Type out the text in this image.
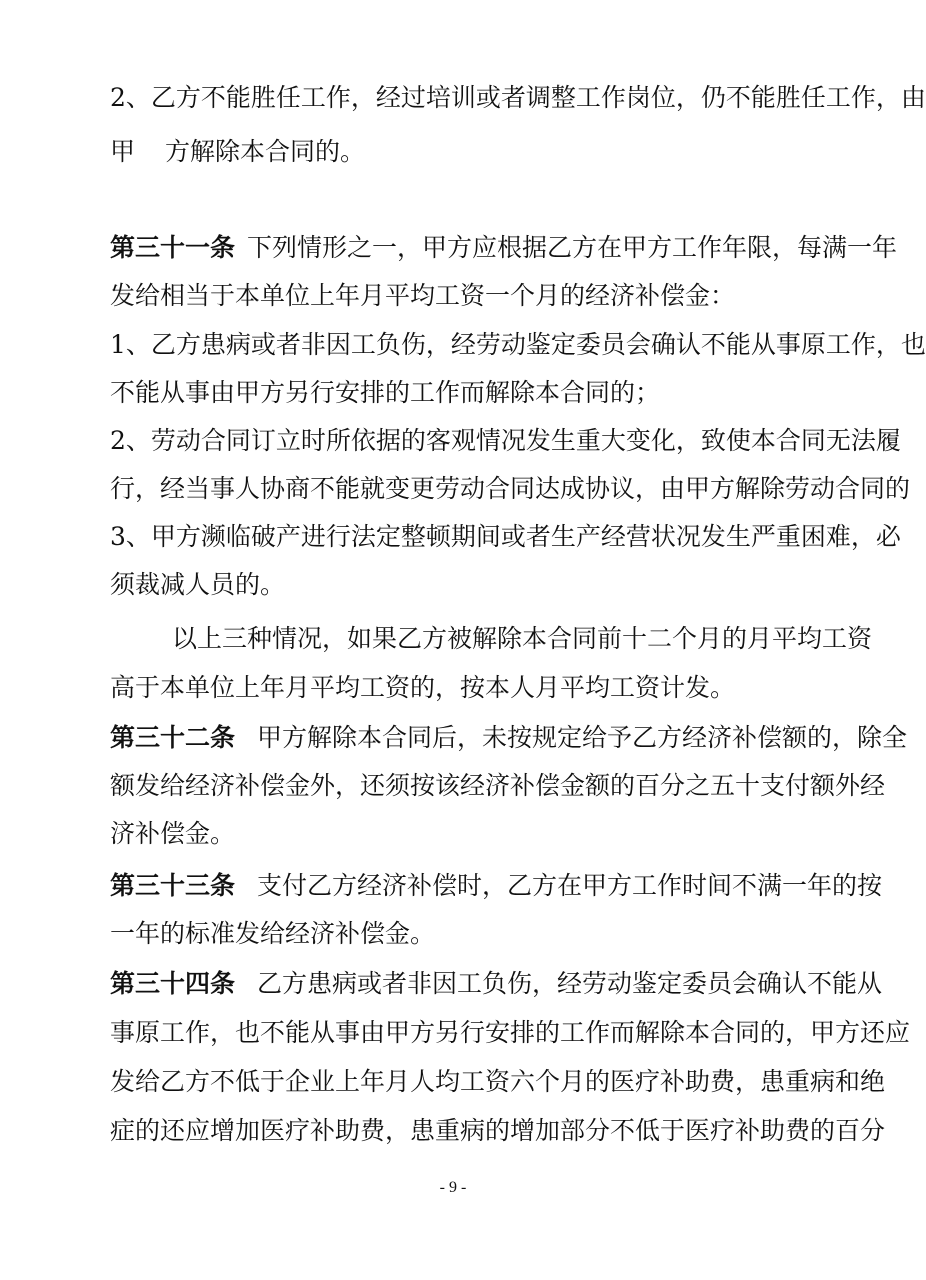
2、乙方不能胜任工作，经过培训或者调整工作岗位，仍不能胜任工作，由
甲 方解除本合同的。
第三十一条 下列情形之一，甲方应根据乙方在甲方工作年限，每满一年
发给相当于本单位上年月平均工资一个月的经济补偿金：
1、乙方患病或者非因工负伤，经劳动鉴定委员会确认不能从事原工作，也
不能从事由甲方另行安排的工作而解除本合同的；
2、劳动合同订立时所依据的客观情况发生重大变化，致使本合同无法履
行，经当事人协商不能就变更劳动合同达成协议，由甲方解除劳动合同的
3、甲方濒临破产进行法定整顿期间或者生产经营状况发生严重困难，必
须裁减人员的。
以上三种情况，如果乙方被解除本合同前十二个月的月平均工资
高于本单位上年月平均工资的，按本人月平均工资计发。
第三十二条 甲方解除本合同后，未按规定给予乙方经济补偿额的，除全
额发给经济补偿金外，还须按该经济补偿金额的百分之五十支付额外经
济补偿金。
第三十三条 支付乙方经济补偿时，乙方在甲方工作时间不满一年的按
一年的标准发给经济补偿金。
第三十四条 乙方患病或者非因工负伤，经劳动鉴定委员会确认不能从
事原工作，也不能从事由甲方另行安排的工作而解除本合同的，甲方还应
发给乙方不低于企业上年月人均工资六个月的医疗补助费，患重病和绝
症的还应增加医疗补助费，患重病的增加部分不低于医疗补助费的百分
- 9 -
